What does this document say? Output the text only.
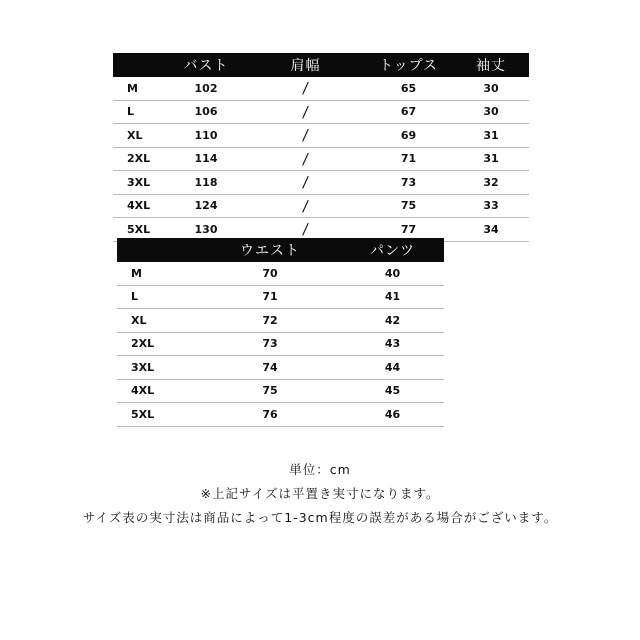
	バスト	肩幅	トップス	袖丈
M	102	/	65	30
L	106	/	67	30
XL	110	/	69	31
2XL	114	/	71	31
3XL	118	/	73	32
4XL	124	/	75	33
5XL	130	/	77	34
	ウエスト	パンツ
M	70	40
L	71	41
XL	72	42
2XL	73	43
3XL	74	44
4XL	75	45
5XL	76	46
単位：cm
※上記サイズは平置き実寸になります。
サイズ表の実寸法は商品によって1-3cm程度の誤差がある場合がございます。
